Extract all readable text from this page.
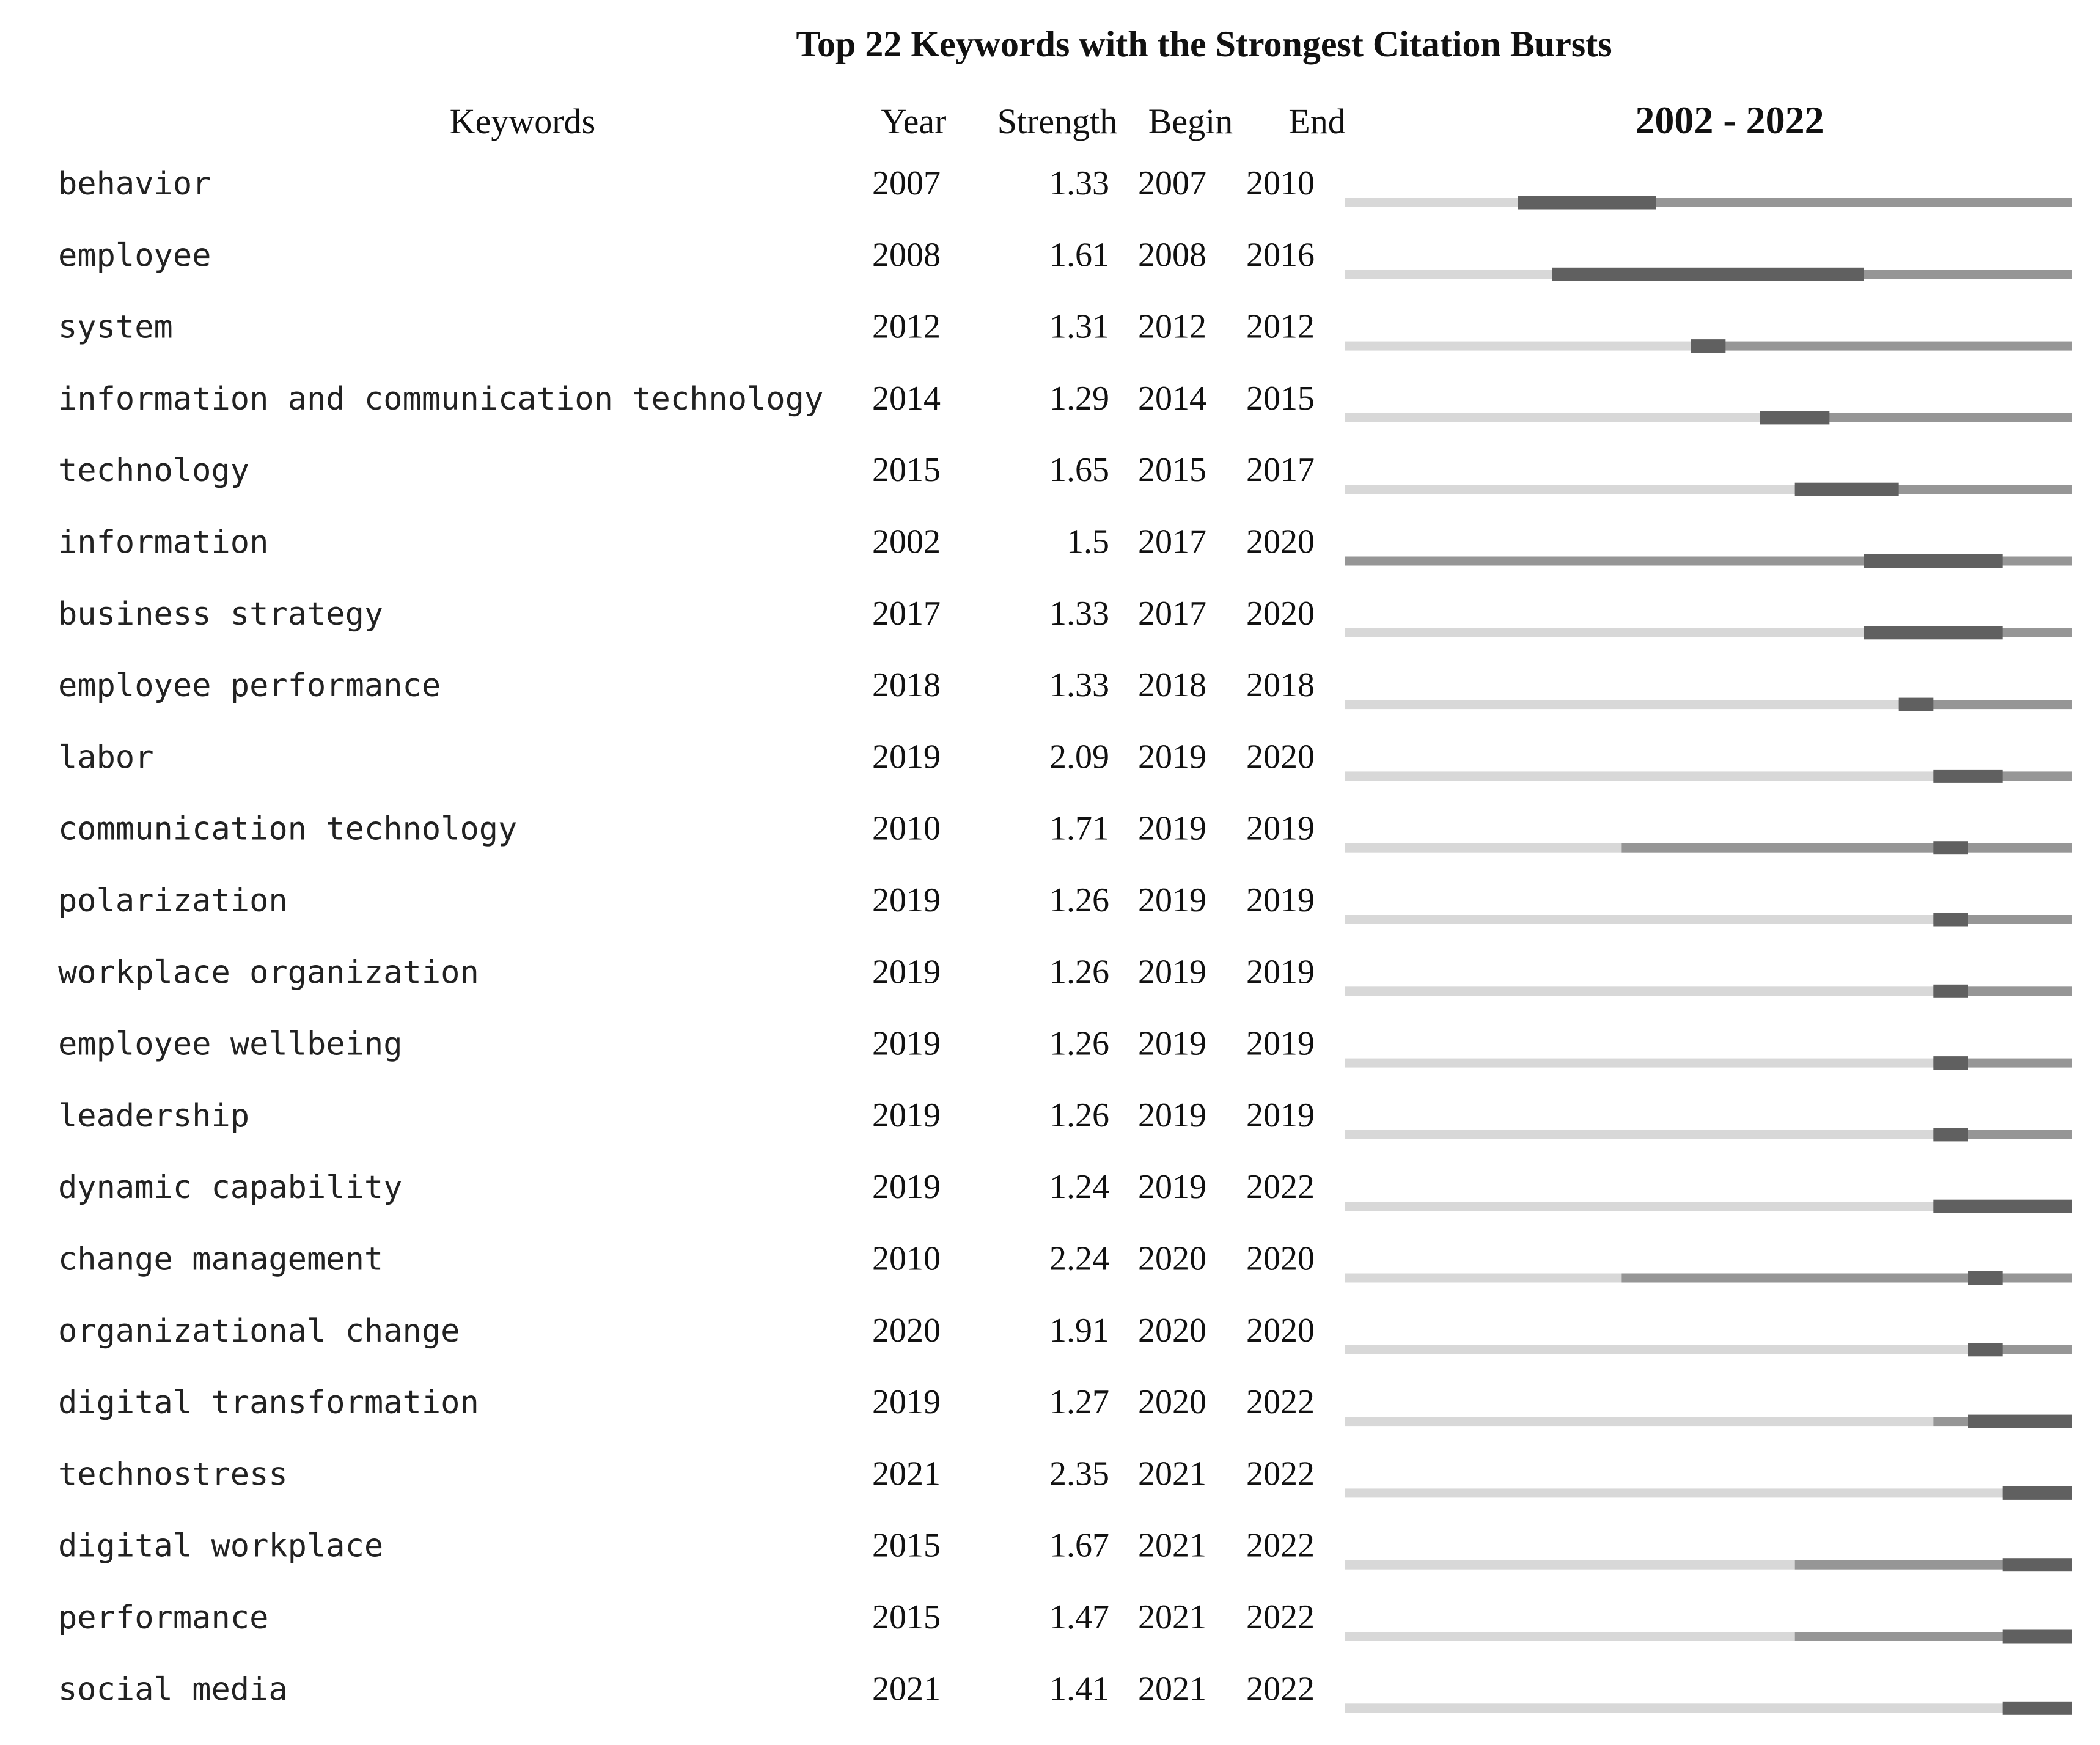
Top 22 Keywords with the Strongest Citation Bursts
Keywords	Year Strength Begin End	2002 - 2022
behavior	2007	1.33 2007 2010
employee	2008	1.61 2008 2016
system	2012	1.31 2012 2012
information and communication technology 2014	1.29 2014 2015
technology	2015	1.65 2015 2017
information	2002	1.5 2017 2020
business strategy	2017	1.33 2017 2020
employee performance	2018	1.33 2018 2018
labor	2019	2.09 2019 2020
communication technology	2010	1.71 2019 2019
polarization	2019	1.26 2019 2019
workplace organization	2019	1.26 2019 2019
employee wellbeing	2019	1.26 2019 2019
leadership	2019	1.26 2019 2019
dynamic capability	2019	1.24 2019 2022
change management	2010	2.24 2020 2020
organizational change	2020	1.91 2020 2020
digital transformation	2019	1.27 2020 2022
technostress	2021	2.35 2021 2022
digital workplace	2015	1.67 2021 2022
performance	2015	1.47 2021 2022
social media	2021	1.41 2021 2022
